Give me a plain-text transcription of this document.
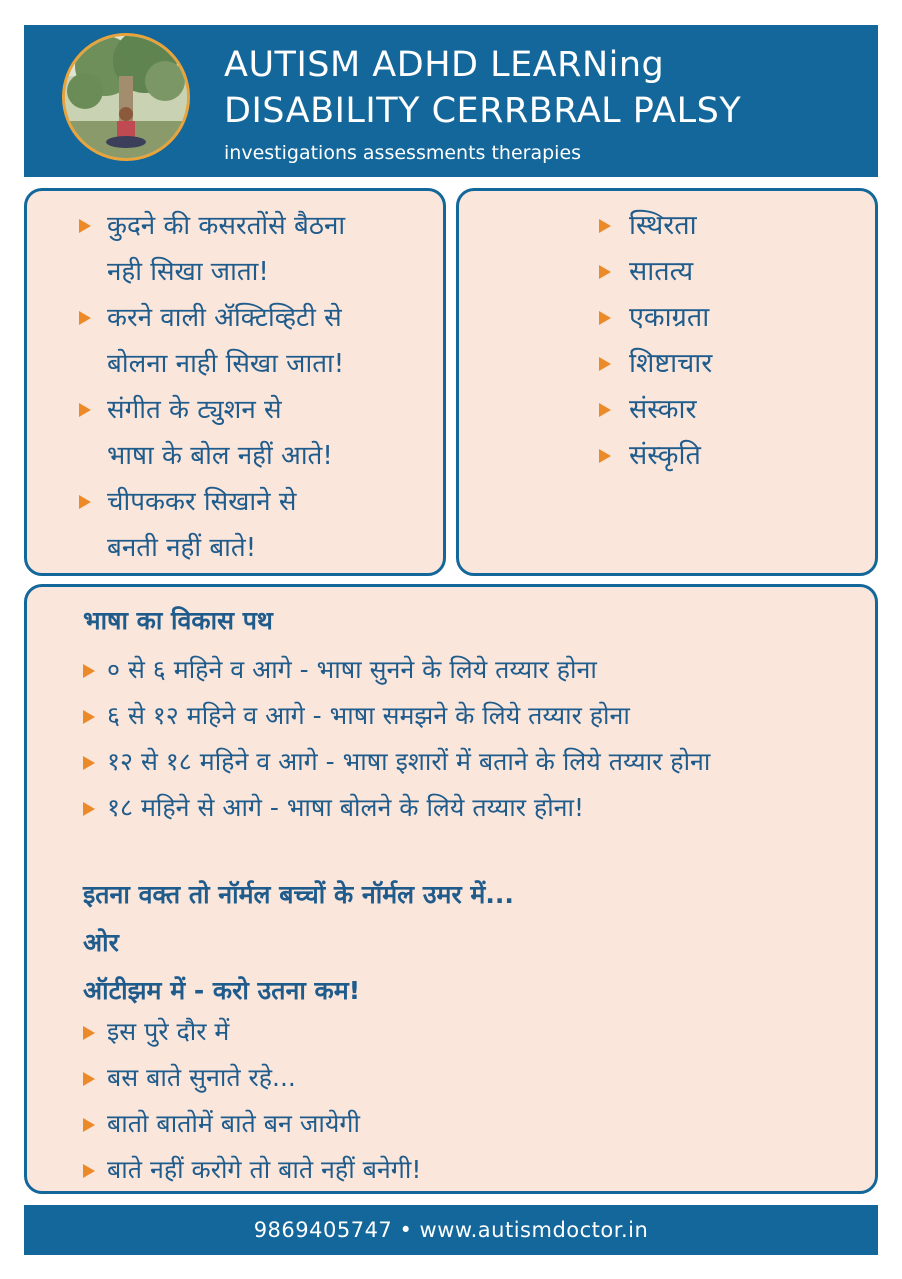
AUTISM ADHD LEARNing
DISABILITY CERRBRAL PALSY
investigations assessments therapies
कुदने की कसरतोंसे बैठना
नही सिखा जाता!
करने वाली ॲक्टिव्हिटी से
बोलना नाही सिखा जाता!
संगीत के ट्युशन से
भाषा के बोल नहीं आते!
चीपककर सिखाने से
बनती नहीं बाते!
स्थिरता
सातत्य
एकाग्रता
शिष्टाचार
संस्कार
संस्कृति
भाषा का विकास पथ
० से ६ महिने व आगे - भाषा सुनने के लिये तय्यार होना
६ से १२ महिने व आगे - भाषा समझने के लिये तय्यार होना
१२ से १८ महिने व आगे - भाषा इशारों में बताने के लिये तय्यार होना
१८ महिने से आगे - भाषा बोलने के लिये तय्यार होना!
इतना वक्त तो नॉर्मल बच्चों के नॉर्मल उमर में...
ओर
ऑटीझम में - करो उतना कम!
इस पुरे दौर में
बस बाते सुनाते रहे...
बातो बातोमें बाते बन जायेगी
बाते नहीं करोगे तो बाते नहीं बनेगी!
9869405747 • www.autismdoctor.in
